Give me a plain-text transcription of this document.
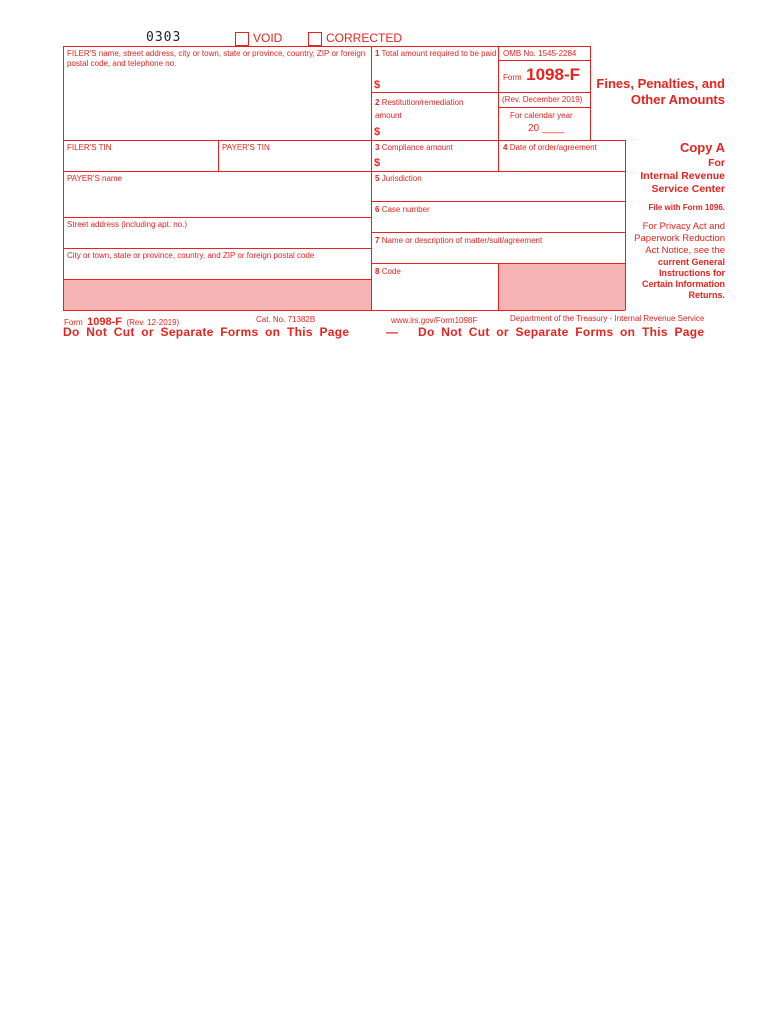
0303	VOID	CORRECTED
FILER'S name, street address, city or town, state or province, country, ZIP or foreign postal code, and telephone no.
1 Total amount required to be paid
$
2 Restitution/remediation amount
$
OMB No. 1545-2284
Form 1098-F
(Rev. December 2019)
For calendar year
20 ____
Fines, Penalties, and
Other Amounts
FILER'S TIN	PAYER'S TIN	3 Compliance amount
$
4 Date of order/agreement
PAYER'S name
Street address (including apt. no.)
City or town, state or province, country, and ZIP or foreign postal code
5 Jurisdiction
6 Case number
7 Name or description of matter/suit/agreement
8 Code
Copy A
For
Internal Revenue
Service Center
File with Form 1096.
For Privacy Act and
Paperwork Reduction
Act Notice, see the
current General
Instructions for
Certain Information
Returns.
Form 1098-F (Rev. 12-2019)	Cat. No. 71382B	www.irs.gov/Form1098F	Department of the Treasury - Internal Revenue Service
Do Not Cut or Separate Forms on This Page	— Do Not Cut or Separate Forms on This Page
